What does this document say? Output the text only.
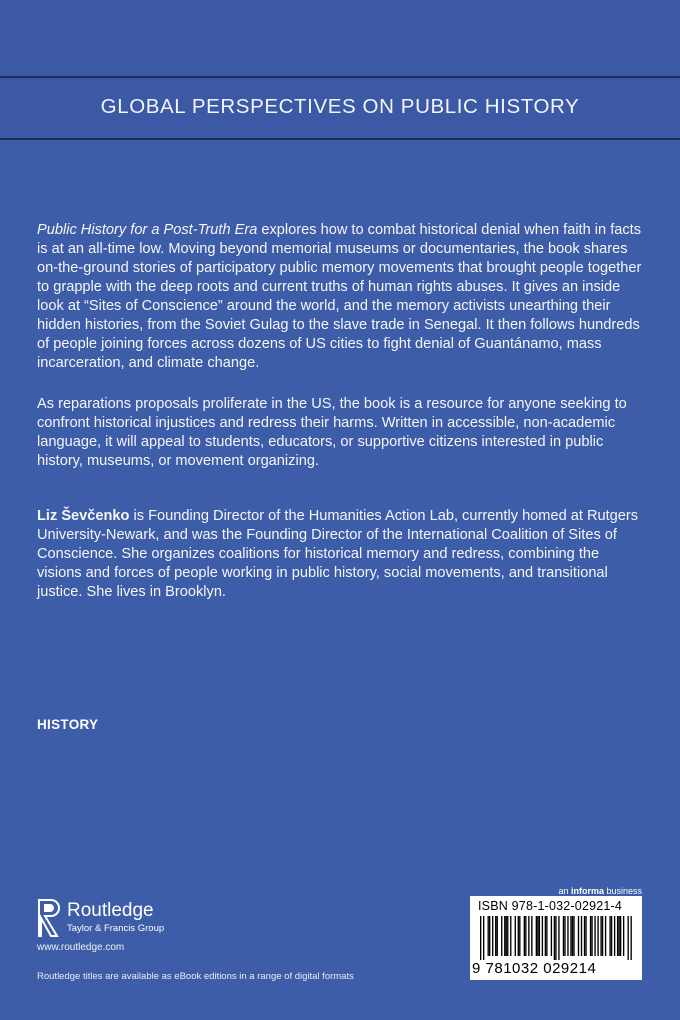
GLOBAL PERSPECTIVES ON PUBLIC HISTORY

Public History for a Post-Truth Era explores how to combat historical denial when faith in facts is at an all-time low. Moving beyond memorial museums or documentaries, the book shares on-the-ground stories of participatory public memory movements that brought people together to grapple with the deep roots and current truths of human rights abuses. It gives an inside look at “Sites of Conscience” around the world, and the memory activists unearthing their hidden histories, from the Soviet Gulag to the slave trade in Senegal. It then follows hundreds of people joining forces across dozens of US cities to fight denial of Guantánamo, mass incarceration, and climate change.

As reparations proposals proliferate in the US, the book is a resource for anyone seeking to confront historical injustices and redress their harms. Written in accessible, non-academic language, it will appeal to students, educators, or supportive citizens interested in public history, museums, or movement organizing.

Liz Ševčenko is Founding Director of the Humanities Action Lab, currently homed at Rutgers University-Newark, and was the Founding Director of the International Coalition of Sites of Conscience. She organizes coalitions for historical memory and redress, combining the visions and forces of people working in public history, social movements, and transitional justice. She lives in Brooklyn.

HISTORY
Routledge
Taylor & Francis Group
www.routledge.com
Routledge titles are available as eBook editions in a range of digital formats
an informa business
ISBN 978-1-032-02921-4
9 781032 029214
